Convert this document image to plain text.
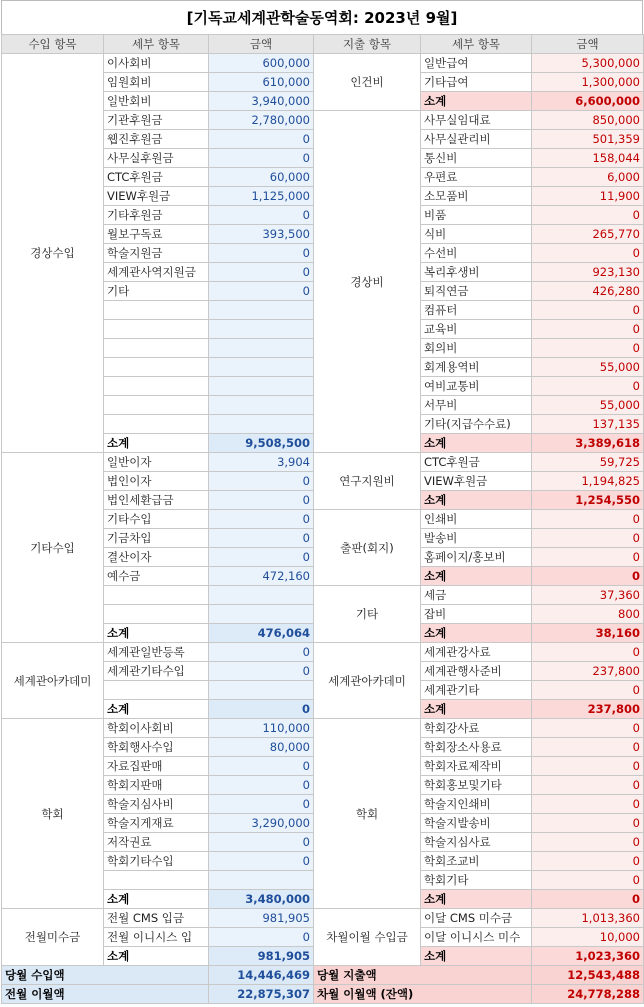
[기독교세계관학술동역회: 2023년 9월]
수입 항목	세부 항목	금액	지출 항목	세부 항목	금액
경상수입	이사회비	600,000	인건비	일반급여	5,300,000
	임원회비	610,000		기타급여	1,300,000
	일반회비	3,940,000		소계	6,600,000
	기관후원금	2,780,000	경상비	사무실임대료	850,000
	웹진후원금	0		사무실관리비	501,359
	사무실후원금	0		통신비	158,044
	CTC후원금	60,000		우편료	6,000
	VIEW후원금	1,125,000		소모품비	11,900
	기타후원금	0		비품	0
	월보구독료	393,500		식비	265,770
	학술지원금	0		수선비	0
	세계관사역지원금	0		복리후생비	923,130
	기타	0		퇴직연금	426,280
				컴퓨터	0
				교육비	0
				회의비	0
				회계용역비	55,000
				여비교통비	0
				서무비	55,000
				기타(지급수수료)	137,135
	소계	9,508,500		소계	3,389,618
기타수입	일반이자	3,904	연구지원비	CTC후원금	59,725
	법인이자	0		VIEW후원금	1,194,825
	법인세환급금	0		소계	1,254,550
	기타수입	0	출판(회지)	인쇄비	0
	기금차입	0		발송비	0
	결산이자	0		홈페이지/홍보비	0
	예수금	472,160		소계	0
			기타	세금	37,360
				잡비	800
	소계	476,064		소계	38,160
세계관아카데미	세계관일반등록	0	세계관아카데미	세계관강사료	0
	세계관기타수입	0		세계관행사준비	237,800
				세계관기타	0
	소계	0		소계	237,800
학회	학회이사회비	110,000	학회	학회강사료	0
	학회행사수입	80,000		학회장소사용료	0
	자료집판매	0		학회자료제작비	0
	학회지판매	0		학회홍보및기타	0
	학술지심사비	0		학술지인쇄비	0
	학술지게재료	3,290,000		학술지발송비	0
	저작권료	0		학술지심사료	0
	학회기타수입	0		학회조교비	0
				학회기타	0
	소계	3,480,000		소계	0
전월미수금	전월 CMS 입금	981,905	차월이월 수입금	이달 CMS 미수금	1,013,360
	전월 이니시스 입	0		이달 이니시스 미수	10,000
	소계	981,905		소계	1,023,360
당월 수입액		14,446,469	당월 지출액		12,543,488
전월 이월액		22,875,307	차월 이월액 (잔액)		24,778,288
